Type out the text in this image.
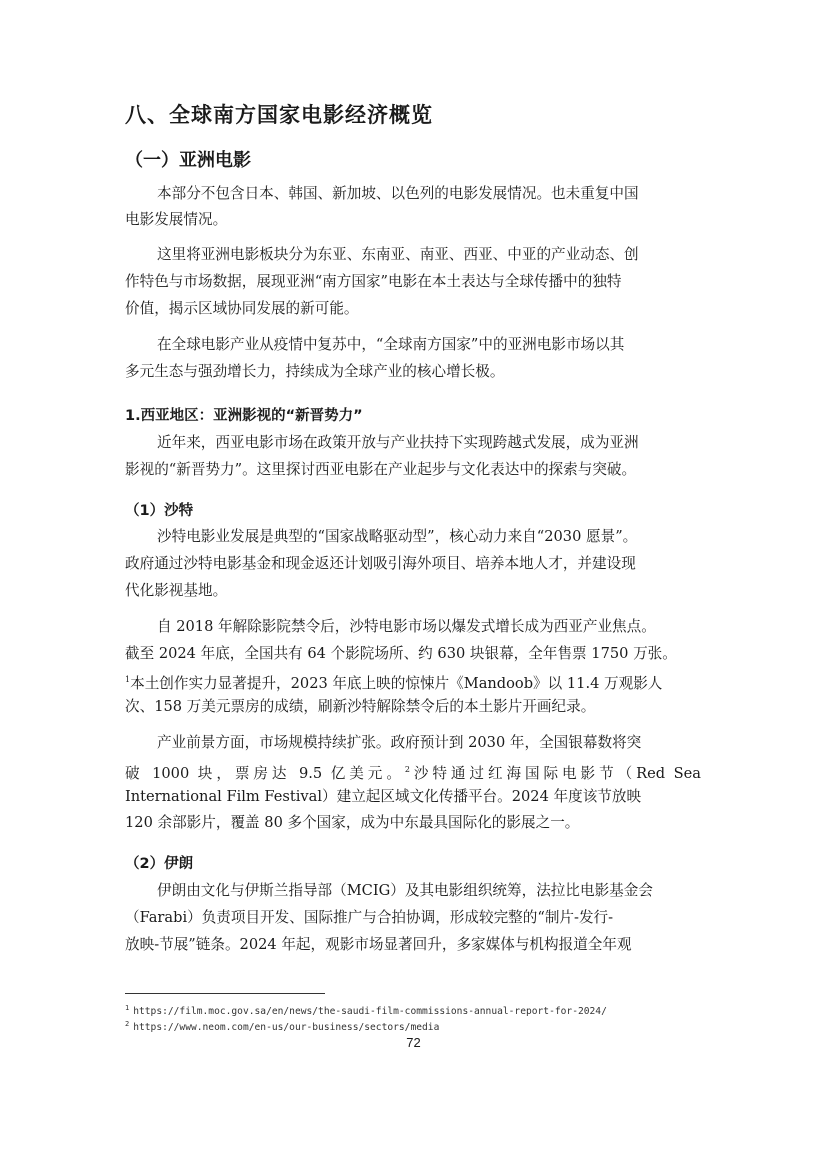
八、全球南方国家电影经济概览
（一）亚洲电影
本部分不包含日本、韩国、新加坡、以色列的电影发展情况。也未重复中国
电影发展情况。
这里将亚洲电影板块分为东亚、东南亚、南亚、西亚、中亚的产业动态、创
作特色与市场数据，展现亚洲“南方国家”电影在本土表达与全球传播中的独特
价值，揭示区域协同发展的新可能。
在全球电影产业从疫情中复苏中，“全球南方国家”中的亚洲电影市场以其
多元生态与强劲增长力，持续成为全球产业的核心增长极。
1.西亚地区：亚洲影视的“新晋势力”
近年来，西亚电影市场在政策开放与产业扶持下实现跨越式发展，成为亚洲
影视的“新晋势力”。这里探讨西亚电影在产业起步与文化表达中的探索与突破。
（1）沙特
沙特电影业发展是典型的“国家战略驱动型”，核心动力来自“2030 愿景”。
政府通过沙特电影基金和现金返还计划吸引海外项目、培养本地人才，并建设现
代化影视基地。
自 2018 年解除影院禁令后，沙特电影市场以爆发式增长成为西亚产业焦点。
截至 2024 年底，全国共有 64 个影院场所、约 630 块银幕，全年售票 1750 万张。
$^1$本土创作实力显著提升，2023 年底上映的惊悚片《Mandoob》以 11.4 万观影人
次、158 万美元票房的成绩，刷新沙特解除禁令后的本土影片开画纪录。
产业前景方面，市场规模持续扩张。政府预计到 2030 年，全国银幕数将突
破 1000 块，票房达 9.5 亿美元。$^2$沙特通过红海国际电影节（Red Sea
International Film Festival）建立起区域文化传播平台。2024 年度该节放映
120 余部影片，覆盖 80 多个国家，成为中东最具国际化的影展之一。
（2）伊朗
伊朗由文化与伊斯兰指导部（MCIG）及其电影组织统筹，法拉比电影基金会
（Farabi）负责项目开发、国际推广与合拍协调，形成较完整的“制片-发行-
放映-节展”链条。2024 年起，观影市场显著回升，多家媒体与机构报道全年观
$^1$ https://film.moc.gov.sa/en/news/the-saudi-film-commissions-annual-report-for-2024/
$^2$ https://www.neom.com/en-us/our-business/sectors/media
72
